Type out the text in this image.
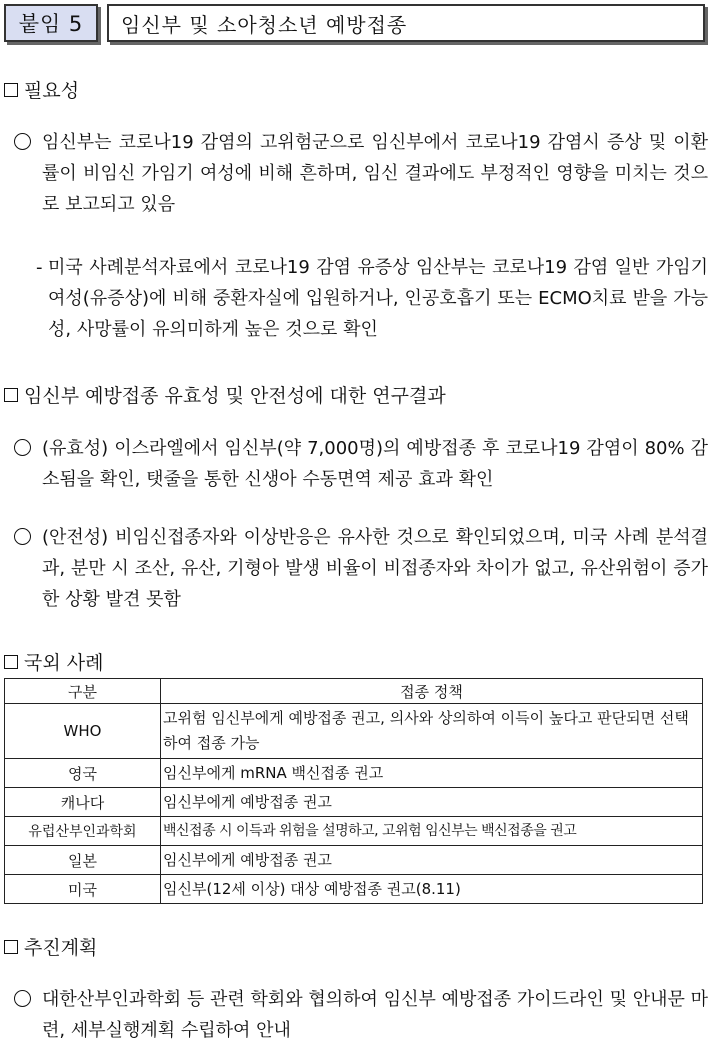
붙임 5	임신부 및 소아청소년 예방접종
필요성
임신부는 코로나19 감염의 고위험군으로 임신부에서 코로나19 감염시 증상 및 이환률이 비임신 가임기 여성에 비해 흔하며, 임신 결과에도 부정적인 영향을 미치는 것으로 보고되고 있음
- 미국 사례분석자료에서 코로나19 감염 유증상 임산부는 코로나19 감염 일반 가임기 여성(유증상)에 비해 중환자실에 입원하거나, 인공호흡기 또는 ECMO치료 받을 가능성, 사망률이 유의미하게 높은 것으로 확인
임신부 예방접종 유효성 및 안전성에 대한 연구결과
(유효성) 이스라엘에서 임신부(약 7,000명)의 예방접종 후 코로나19 감염이 80% 감소됨을 확인, 탯줄을 통한 신생아 수동면역 제공 효과 확인
(안전성) 비임신접종자와 이상반응은 유사한 것으로 확인되었으며, 미국 사례 분석결과, 분만 시 조산, 유산, 기형아 발생 비율이 비접종자와 차이가 없고, 유산위험이 증가한 상황 발견 못함
국외 사례
구분	접종 정책
WHO	고위험 임신부에게 예방접종 권고, 의사와 상의하여 이득이 높다고 판단되면 선택하여 접종 가능
영국	임신부에게 mRNA 백신접종 권고
캐나다	임신부에게 예방접종 권고
유럽산부인과학회	백신접종 시 이득과 위험을 설명하고, 고위험 임신부는 백신접종을 권고
일본	임신부에게 예방접종 권고
미국	임신부(12세 이상) 대상 예방접종 권고(8.11)
추진계획
대한산부인과학회 등 관련 학회와 협의하여 임신부 예방접종 가이드라인 및 안내문 마련, 세부실행계획 수립하여 안내
